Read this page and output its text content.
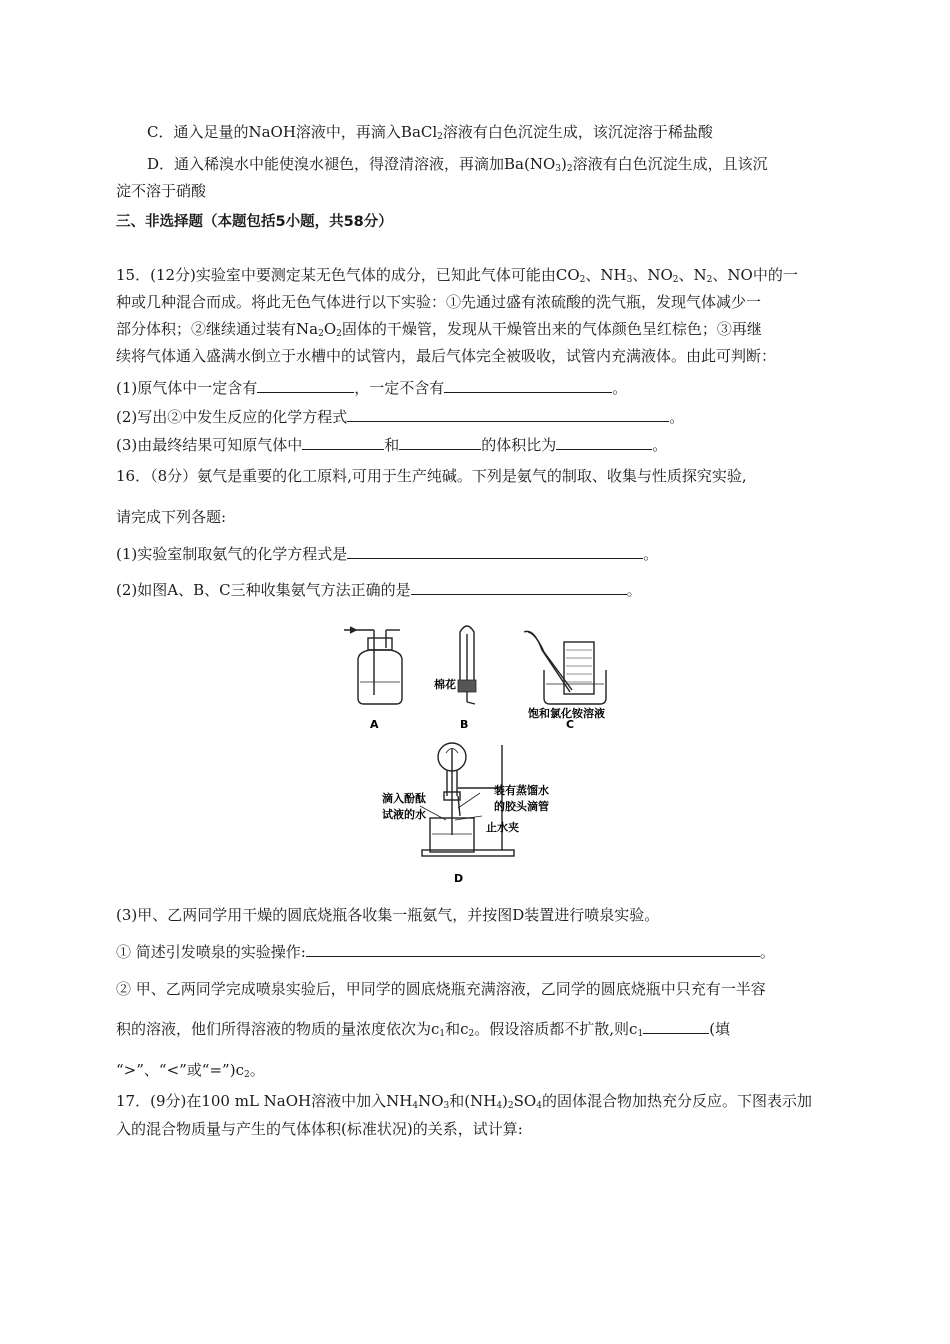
C．通入足量的NaOH溶液中，再滴入BaCl$_2$溶液有白色沉淀生成，该沉淀溶于稀盐酸
D．通入稀溴水中能使溴水褪色，得澄清溶液，再滴加$Ba(NO_3)_2$溶液有白色沉淀生成，且该沉
淀不溶于硝酸
三、非选择题（本题包括5小题，共58分）
15．(12分)实验室中要测定某无色气体的成分，已知此气体可能由$CO_2$、$NH_3$、$NO_2$、$N_2$、NO中的一
种或几种混合而成。将此无色气体进行以下实验：①先通过盛有浓硫酸的洗气瓶，发现气体减少一
部分体积；②继续通过装有$Na_2O_2$固体的干燥管，发现从干燥管出来的气体颜色呈红棕色；③再继
续将气体通入盛满水倒立于水槽中的试管内，最后气体完全被吸收，试管内充满液体。由此可判断：
(1)原气体中一定含有	，一定不含有	。
(2)写出②中发生反应的化学方程式	。
(3)由最终结果可知原气体中	和	的体积比为	。
16．（8分）氨气是重要的化工原料,可用于生产纯碱。下列是氨气的制取、收集与性质探究实验,
请完成下列各题:
(1)实验室制取氨气的化学方程式是	。
(2)如图A、B、C三种收集氨气方法正确的是	。
A	B	C
棉花
饱和氯化铵溶液
滴入酚酞
试液的水
装有蒸馏水
的胶头滴管
止水夹
D
(3)甲、乙两同学用干燥的圆底烧瓶各收集一瓶氨气，并按图D装置进行喷泉实验。
① 简述引发喷泉的实验操作:	。
② 甲、乙两同学完成喷泉实验后，甲同学的圆底烧瓶充满溶液，乙同学的圆底烧瓶中只充有一半容
积的溶液，他们所得溶液的物质的量浓度依次为$c_1$和$c_2$。假设溶质都不扩散,则$c_1$	(填
“>”、“<”或“$=”)c_2$。
17．(9分)在100 mL NaOH溶液中加入$NH_4NO_3$和$(NH_4)_2SO_4$的固体混合物加热充分反应。下图表示加
入的混合物质量与产生的气体体积(标准状况)的关系，试计算:
